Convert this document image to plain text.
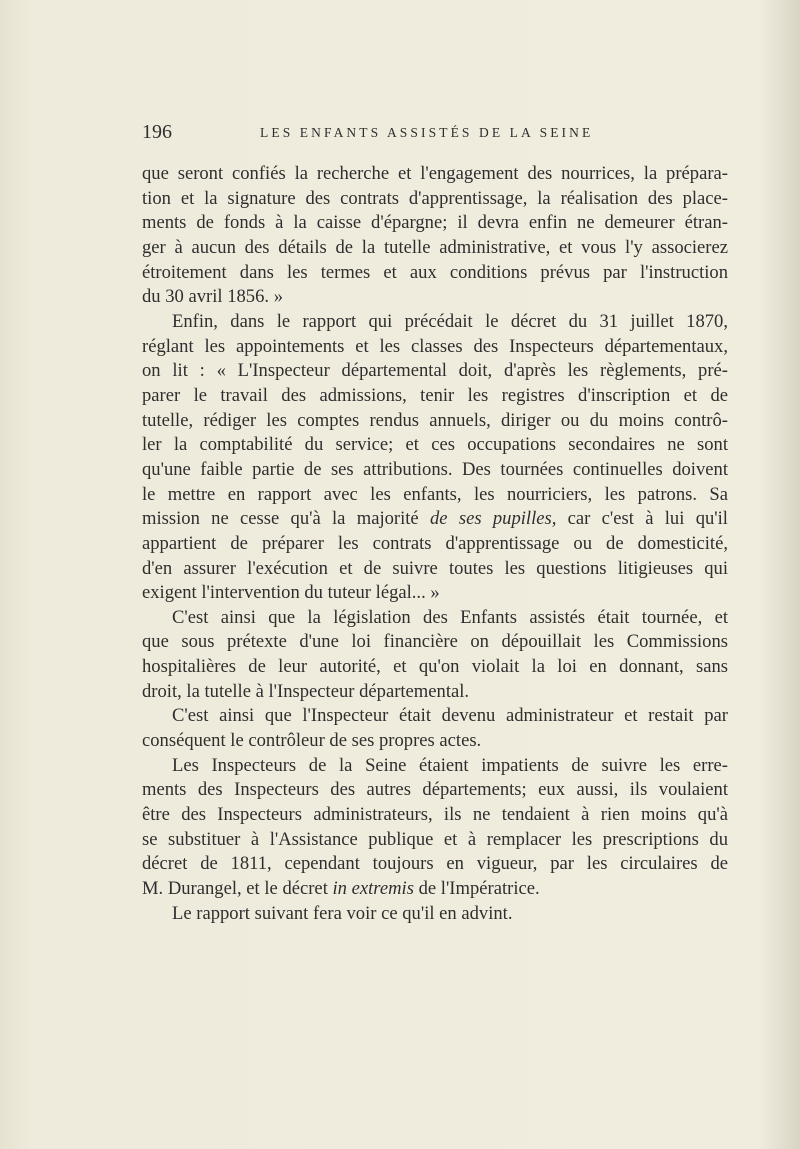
196	LES ENFANTS ASSISTÉS DE LA SEINE

que seront confiés la recherche et l'engagement des nourrices, la prépara-
tion et la signature des contrats d'apprentissage, la réalisation des place-
ments de fonds à la caisse d'épargne; il devra enfin ne demeurer étran-
ger à aucun des détails de la tutelle administrative, et vous l'y associerez
étroitement dans les termes et aux conditions prévus par l'instruction
du 30 avril 1856. »

Enfin, dans le rapport qui précédait le décret du 31 juillet 1870,
réglant les appointements et les classes des Inspecteurs départementaux,
on lit : « L'Inspecteur départemental doit, d'après les règlements, pré-
parer le travail des admissions, tenir les registres d'inscription et de
tutelle, rédiger les comptes rendus annuels, diriger ou du moins contrô-
ler la comptabilité du service; et ces occupations secondaires ne sont
qu'une faible partie de ses attributions. Des tournées continuelles doivent
le mettre en rapport avec les enfants, les nourriciers, les patrons. Sa
mission ne cesse qu'à la majorité de ses pupilles, car c'est à lui qu'il
appartient de préparer les contrats d'apprentissage ou de domesticité,
d'en assurer l'exécution et de suivre toutes les questions litigieuses qui
exigent l'intervention du tuteur légal... »

C'est ainsi que la législation des Enfants assistés était tournée, et
que sous prétexte d'une loi financière on dépouillait les Commissions
hospitalières de leur autorité, et qu'on violait la loi en donnant, sans
droit, la tutelle à l'Inspecteur départemental.

C'est ainsi que l'Inspecteur était devenu administrateur et restait par
conséquent le contrôleur de ses propres actes.

Les Inspecteurs de la Seine étaient impatients de suivre les erre-
ments des Inspecteurs des autres départements; eux aussi, ils voulaient
être des Inspecteurs administrateurs, ils ne tendaient à rien moins qu'à
se substituer à l'Assistance publique et à remplacer les prescriptions du
décret de 1811, cependant toujours en vigueur, par les circulaires de
M. Durangel, et le décret in extremis de l'Impératrice.

Le rapport suivant fera voir ce qu'il en advint.
